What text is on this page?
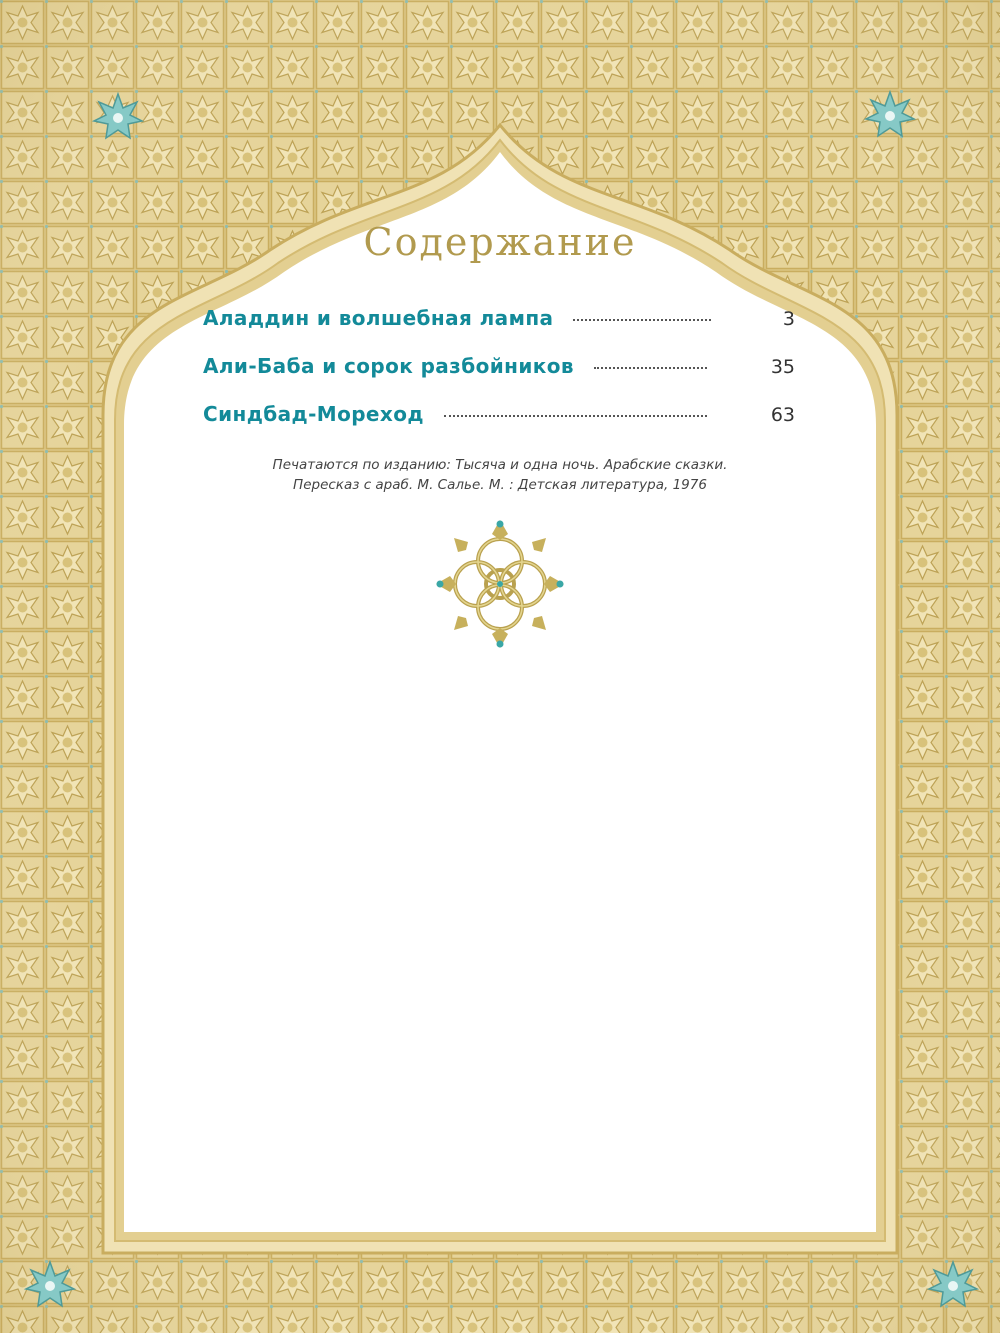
Содержание
Аладдин и волшебная лампа	3
Али-Баба и сорок разбойников	35
Синдбад-Мореход	63
Печатаются по изданию: Тысяча и одна ночь. Арабские сказки.
Пересказ с араб. М. Салье. М. : Детская литература, 1976
